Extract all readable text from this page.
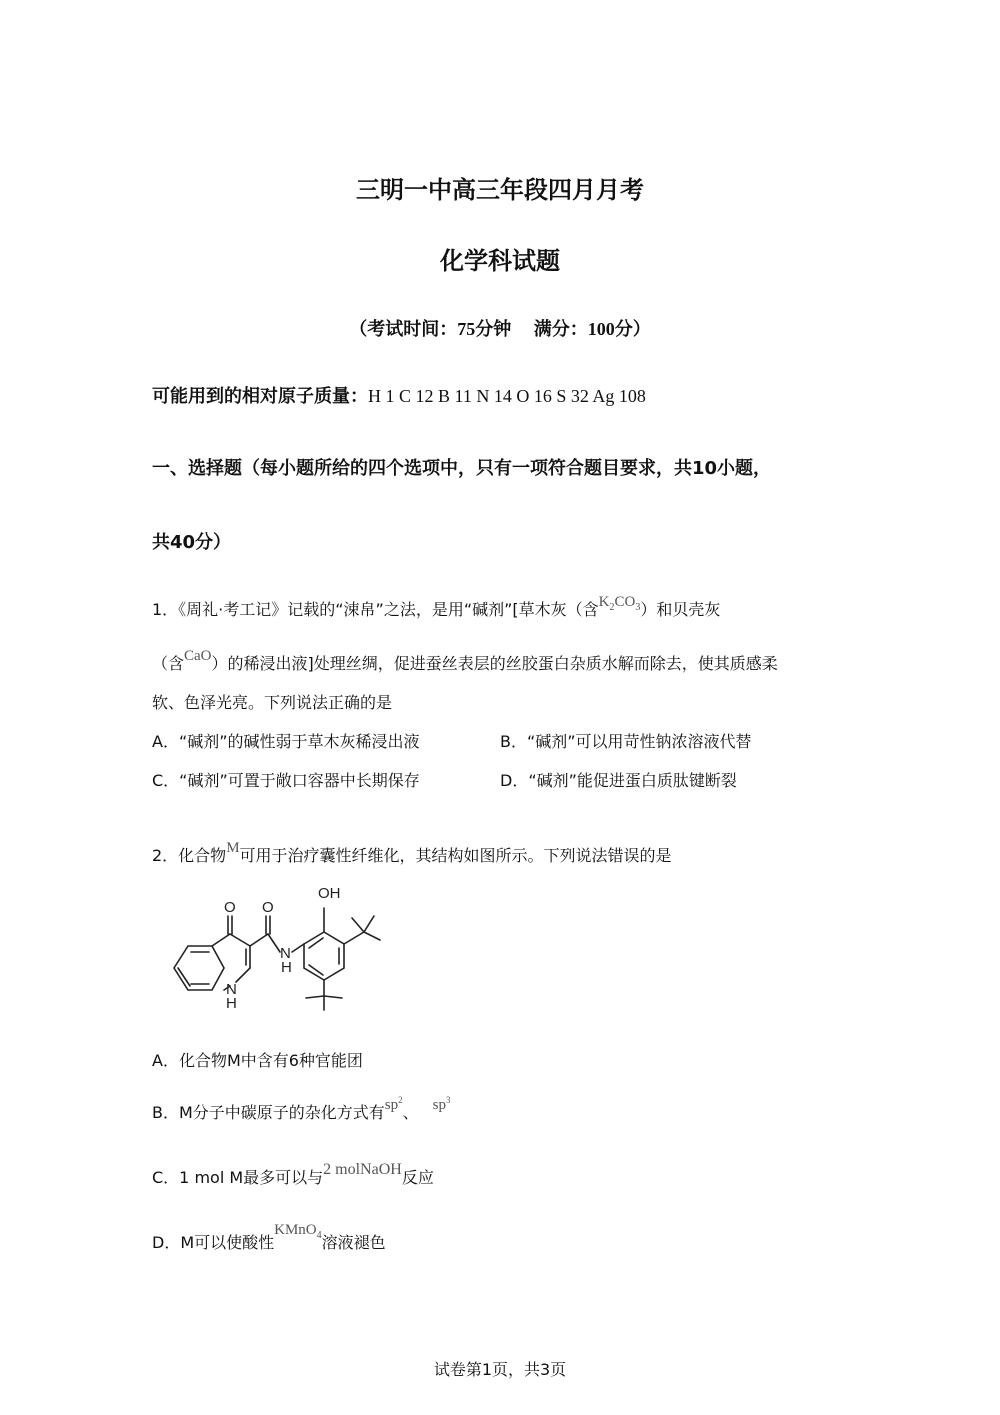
三明一中高三年段四月月考
化学科试题
（考试时间：75分钟　 满分：100分）
可能用到的相对原子质量：H 1 C 12 B 11 N 14 O 16 S 32 Ag 108
一、选择题（每小题所给的四个选项中，只有一项符合题目要求，共10小题，
共40分）
1．《周礼·考工记》记载的“涑帛”之法，是用“碱剂”[草木灰（含$K_2CO_3$）和贝壳灰
（含CaO）的稀浸出液]处理丝绸，促进蚕丝表层的丝胶蛋白杂质水解而除去，使其质感柔
软、色泽光亮。下列说法正确的是
A．“碱剂”的碱性弱于草木灰稀浸出液	B．“碱剂”可以用苛性钠浓溶液代替
C．“碱剂”可置于敞口容器中长期保存	D．“碱剂”能促进蛋白质肽键断裂
2．化合物M可用于治疗囊性纤维化，其结构如图所示。下列说法错误的是
OH
O O
N
H
N
H
A．化合物M中含有6种官能团
B．M分子中碳原子的杂化方式有$sp^2$、 $sp^3$
C．1 mol M最多可以与2 molNaOH反应
D．M可以使酸性KMnO$_4$溶液褪色
试卷第1页，共3页
